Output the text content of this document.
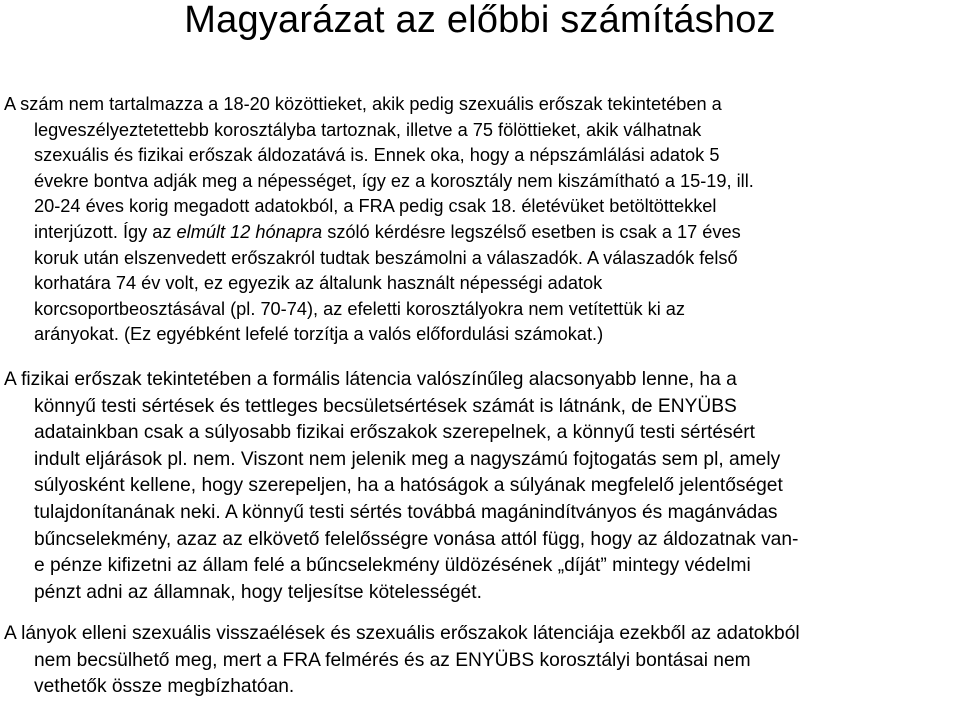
Magyarázat az előbbi számításhoz
A szám nem tartalmazza a 18-20 közöttieket, akik pedig szexuális erőszak tekintetében a
legveszélyeztetettebb korosztályba tartoznak, illetve a 75 fölöttieket, akik válhatnak
szexuális és fizikai erőszak áldozatává is. Ennek oka, hogy a népszámlálási adatok 5
évekre bontva adják meg a népességet, így ez a korosztály nem kiszámítható a 15-19, ill.
20-24 éves korig megadott adatokból, a FRA pedig csak 18. életévüket betöltöttekkel
interjúzott. Így az elmúlt 12 hónapra szóló kérdésre legszélső esetben is csak a 17 éves
koruk után elszenvedett erőszakról tudtak beszámolni a válaszadók. A válaszadók felső
korhatára 74 év volt, ez egyezik az általunk használt népességi adatok
korcsoportbeosztásával (pl. 70-74), az efeletti korosztályokra nem vetítettük ki az
arányokat. (Ez egyébként lefelé torzítja a valós előfordulási számokat.)
A fizikai erőszak tekintetében a formális látencia valószínűleg alacsonyabb lenne, ha a
könnyű testi sértések és tettleges becsületsértések számát is látnánk, de ENYÜBS
adatainkban csak a súlyosabb fizikai erőszakok szerepelnek, a könnyű testi sértésért
indult eljárások pl. nem. Viszont nem jelenik meg a nagyszámú fojtogatás sem pl, amely
súlyosként kellene, hogy szerepeljen, ha a hatóságok a súlyának megfelelő jelentőséget
tulajdonítanának neki. A könnyű testi sértés továbbá magánindítványos és magánvádas
bűncselekmény, azaz az elkövető felelősségre vonása attól függ, hogy az áldozatnak van-
e pénze kifizetni az állam felé a bűncselekmény üldözésének „díját” mintegy védelmi
pénzt adni az államnak, hogy teljesítse kötelességét.
A lányok elleni szexuális visszaélések és szexuális erőszakok látenciája ezekből az adatokból
nem becsülhető meg, mert a FRA felmérés és az ENYÜBS korosztályi bontásai nem
vethetők össze megbízhatóan.
